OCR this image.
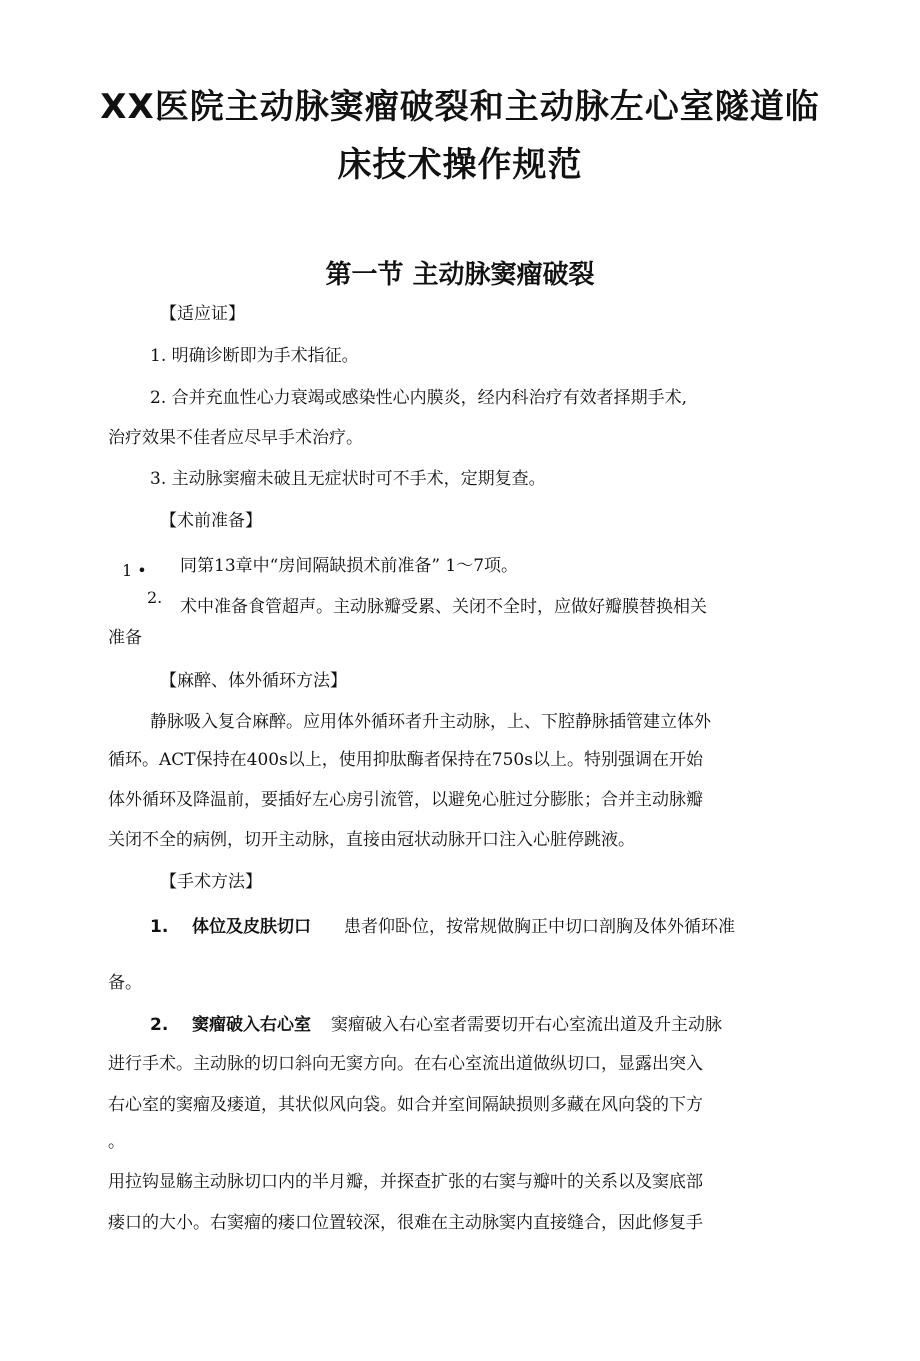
XX医院主动脉窦瘤破裂和主动脉左心室隧道临
床技术操作规范
第一节 主动脉窦瘤破裂
【适应证】
1. 明确诊断即为手术指征。
2. 合并充血性心力衰竭或感染性心内膜炎，经内科治疗有效者择期手术,
治疗效果不佳者应尽早手术治疗。
3. 主动脉窦瘤未破且无症状时可不手术，定期复查。
【术前准备】
1 • 同第13章中“房间隔缺损术前准备” 1～7项。
2. 术中准备食管超声。主动脉瓣受累、关闭不全时，应做好瓣膜替换相关
准备
【麻醉、体外循环方法】
静脉吸入复合麻醉。应用体外循环者升主动脉，上、下腔静脉插管建立体外
循环。ACT保持在400s以上，使用抑肽酶者保持在750s以上。特别强调在开始
体外循环及降温前，要插好左心房引流管，以避免心脏过分膨胀；合并主动脉瓣
关闭不全的病例，切开主动脉，直接由冠状动脉开口注入心脏停跳液。
【手术方法】
1. 体位及皮肤切口 患者仰卧位，按常规做胸正中切口剖胸及体外循环准
备。
2. 窦瘤破入右心室 窦瘤破入右心室者需要切开右心室流出道及升主动脉
进行手术。主动脉的切口斜向无窦方向。在右心室流出道做纵切口，显露出突入
右心室的窦瘤及瘘道，其状似风向袋。如合并室间隔缺损则多藏在风向袋的下方
。
用拉钩显觞主动脉切口内的半月瓣，并探查扩张的右窦与瓣叶的关系以及窦底部
瘘口的大小。右窦瘤的瘘口位置较深，很难在主动脉窦内直接缝合，因此修复手
